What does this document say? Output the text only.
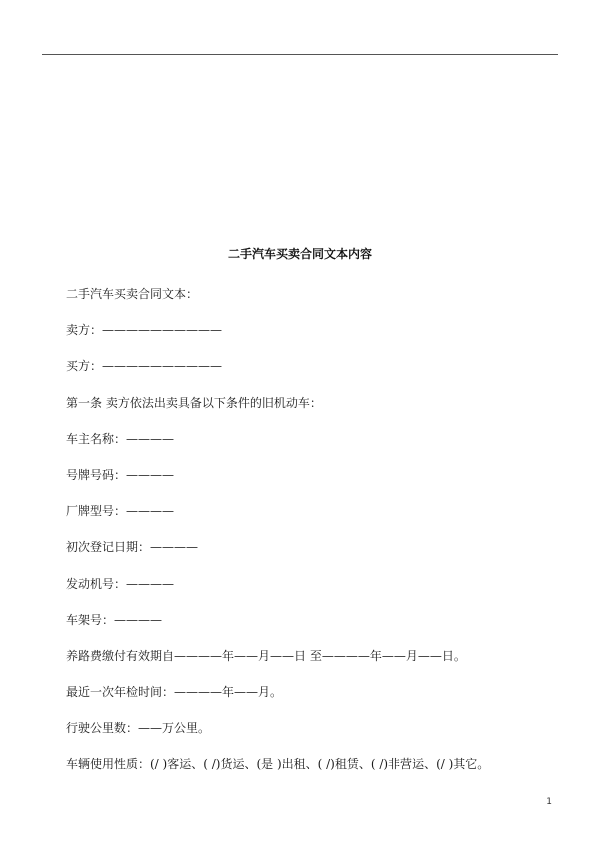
二手汽车买卖合同文本内容
二手汽车买卖合同文本：
卖方：——————————
买方：——————————
第一条 卖方依法出卖具备以下条件的旧机动车：
车主名称：————
号牌号码：————
厂牌型号：————
初次登记日期：————
发动机号：————
车架号：————
养路费缴付有效期自————年——月——日 至————年——月——日。
最近一次年检时间：————年——月。
行驶公里数：——万公里。
车辆使用性质：(/ )客运、( /)货运、(是 )出租、( /)租赁、( /)非营运、(/ )其它。
1
